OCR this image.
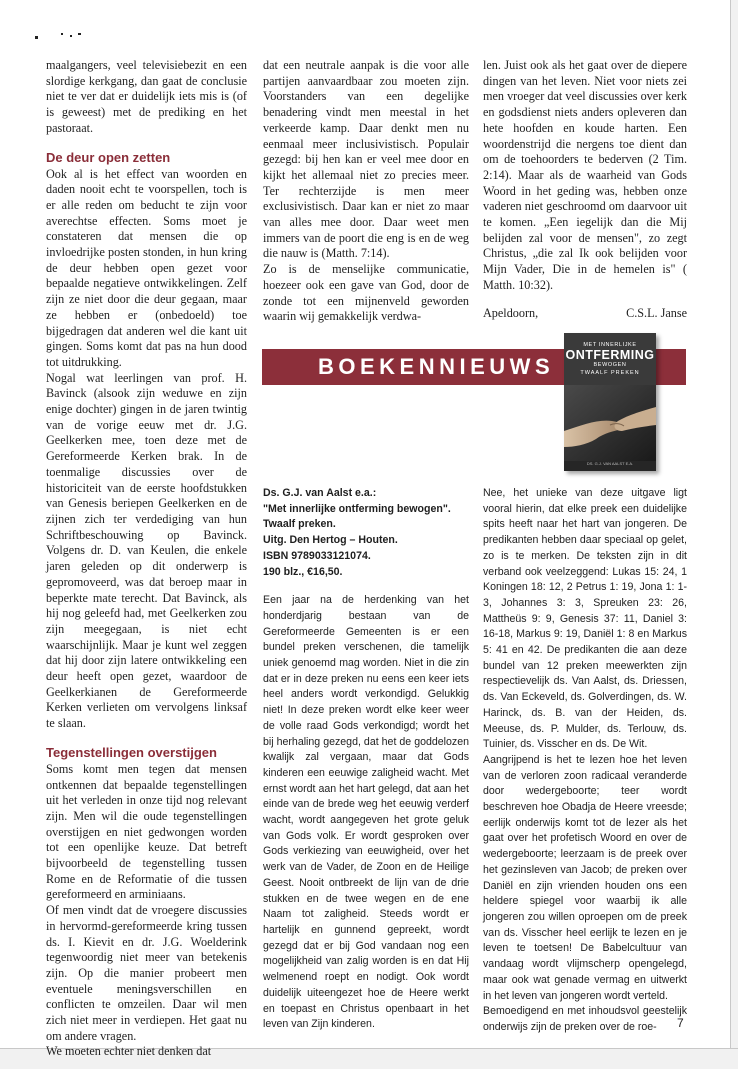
maalgangers, veel televisiebezit en een slordige kerkgang, dan gaat de conclusie niet te ver dat er duidelijk iets mis is (of is geweest) met de prediking en het pastoraat.

De deur open zetten

Ook al is het effect van woorden en daden nooit echt te voorspellen, toch is er alle reden om beducht te zijn voor averechtse effecten. Soms moet je constateren dat mensen die op invloedrijke posten stonden, in hun kring de deur hebben open gezet voor bepaalde negatieve ontwikkelingen. Zelf zijn ze niet door die deur gegaan, maar ze hebben er (onbedoeld) toe bijgedragen dat anderen wel die kant uit gingen. Soms komt dat pas na hun dood tot uitdrukking.

Nogal wat leerlingen van prof. H. Bavinck (alsook zijn weduwe en zijn enige dochter) gingen in de jaren twintig van de vorige eeuw met dr. J.G. Geelkerken mee, toen deze met de Gereformeerde Kerken brak. In de toenmalige discussies over de historiciteit van de eerste hoofdstukken van Genesis beriepen Geelkerken en de zijnen zich ter verdediging van hun Schriftbeschouwing op Bavinck. Volgens dr. D. van Keulen, die enkele jaren geleden op dit onderwerp is gepromoveerd, was dat beroep maar in beperkte mate terecht. Dat Bavinck, als hij nog geleefd had, met Geelkerken zou zijn meegegaan, is niet echt waarschijnlijk. Maar je kunt wel zeggen dat hij door zijn latere ontwikkeling een deur heeft open gezet, waardoor de Geelkerkianen de Gereformeerde Kerken verlieten om vervolgens linksaf te slaan.

Tegenstellingen overstijgen

Soms komt men tegen dat mensen ontkennen dat bepaalde tegenstellingen uit het verleden in onze tijd nog relevant zijn. Men wil die oude tegenstellingen overstijgen en niet gedwongen worden tot een openlijke keuze. Dat betreft bijvoorbeeld de tegenstelling tussen Rome en de Reformatie of die tussen gereformeerd en arminiaans.

Of men vindt dat de vroegere discussies in hervormd-gereformeerde kring tussen ds. I. Kievit en dr. J.G. Woelderink tegenwoordig niet meer van betekenis zijn. Op die manier probeert men eventuele meningsverschillen en conflicten te omzeilen. Daar wil men zich niet meer in verdiepen. Het gaat nu om andere vragen.

We moeten echter niet denken dat

dat een neutrale aanpak is die voor alle partijen aanvaardbaar zou moeten zijn. Voorstanders van een degelijke benadering vindt men meestal in het verkeerde kamp. Daar denkt men nu eenmaal meer inclusivistisch. Populair gezegd: bij hen kan er veel mee door en kijkt het allemaal niet zo precies meer. Ter rechterzijde is men meer exclusivistisch. Daar kan er niet zo maar van alles mee door. Daar weet men immers van de poort die eng is en de weg die nauw is (Matth. 7:14).

Zo is de menselijke communicatie, hoezeer ook een gave van God, door de zonde tot een mijnenveld geworden waarin wij gemakkelijk verdwa-

len. Juist ook als het gaat over de diepere dingen van het leven. Niet voor niets zei men vroeger dat veel discussies over kerk en godsdienst niets anders opleveren dan hete hoofden en koude harten. Een woordenstrijd die nergens toe dient dan om de toehoorders te bederven (2 Tim. 2:14). Maar als de waarheid van Gods Woord in het geding was, hebben onze vaderen niet geschroomd om daarvoor uit te komen. „Een iegelijk dan die Mij belijden zal voor de mensen", zo zegt Christus, „die zal Ik ook belijden voor Mijn Vader, Die in de hemelen is" ( Matth. 10:32).

Apeldoorn,	C.S.L. Janse
BOEKENNIEUWS
MET INNERLIJKE
ONTFERMING
BEWOGEN
TWAALF PREKEN
DS. G.J. VAN AALST E.A.
Ds. G.J. van Aalst e.a.:
"Met innerlijke ontferming bewogen".
Twaalf preken.
Uitg. Den Hertog – Houten.
ISBN 9789033121074.
190 blz., €16,50.

Een jaar na de herdenking van het honderdjarig bestaan van de Gereformeerde Gemeenten is er een bundel preken verschenen, die tamelijk uniek genoemd mag worden. Niet in die zin dat er in deze preken nu eens een keer iets heel anders wordt verkondigd. Gelukkig niet! In deze preken wordt elke keer weer de volle raad Gods verkondigd; wordt het bij herhaling gezegd, dat het de goddelozen kwalijk zal vergaan, maar dat Gods kinderen een eeuwige zaligheid wacht. Met ernst wordt aan het hart gelegd, dat aan het einde van de brede weg het eeuwig verderf wacht, wordt aangegeven het grote geluk van Gods volk. Er wordt gesproken over Gods verkiezing van eeuwigheid, over het werk van de Vader, de Zoon en de Heilige Geest. Nooit ontbreekt de lijn van de drie stukken en de twee wegen en de ene Naam tot zaligheid. Steeds wordt er hartelijk en gunnend gepreekt, wordt gezegd dat er bij God vandaan nog een mogelijkheid van zalig worden is en dat Hij welmenend roept en nodigt. Ook wordt duidelijk uiteengezet hoe de Heere werkt en toepast en Christus openbaart in het leven van Zijn kinderen.

Nee, het unieke van deze uitgave ligt vooral hierin, dat elke preek een duidelijke spits heeft naar het hart van jongeren. De predikanten hebben daar speciaal op gelet, zo is te merken. De teksten zijn in dit verband ook veelzeggend: Lukas 15: 24, 1 Koningen 18: 12, 2 Petrus 1: 19, Jona 1: 1-3, Johannes 3: 3, Spreuken 23: 26, Mattheüs 9: 9, Genesis 37: 11, Daniel 3: 16-18, Markus 9: 19, Daniël 1: 8 en Markus 5: 41 en 42. De predikanten die aan deze bundel van 12 preken meewerkten zijn respectievelijk ds. Van Aalst, ds. Driessen, ds. Van Eckeveld, ds. Golverdingen, ds. W. Harinck, ds. B. van der Heiden, ds. Meeuse, ds. P. Mulder, ds. Terlouw, ds. Tuinier, ds. Visscher en ds. De Wit.

Aangrijpend is het te lezen hoe het leven van de verloren zoon radicaal veranderde door wedergeboorte; teer wordt beschreven hoe Obadja de Heere vreesde; eerlijk onderwijs komt tot de lezer als het gaat over het profetisch Woord en over de wedergeboorte; leerzaam is de preek over het gezinsleven van Jacob; de preken over Daniël en zijn vrienden houden ons een heldere spiegel voor waarbij ik alle jongeren zou willen oproepen om de preek van ds. Visscher heel eerlijk te lezen en je leven te toetsen! De Babelcultuur van vandaag wordt vlijmscherp opengelegd, maar ook wat genade vermag en uitwerkt in het leven van jongeren wordt verteld.

Bemoedigend en met inhoudsvol geestelijk onderwijs zijn de preken over de roe-	7
